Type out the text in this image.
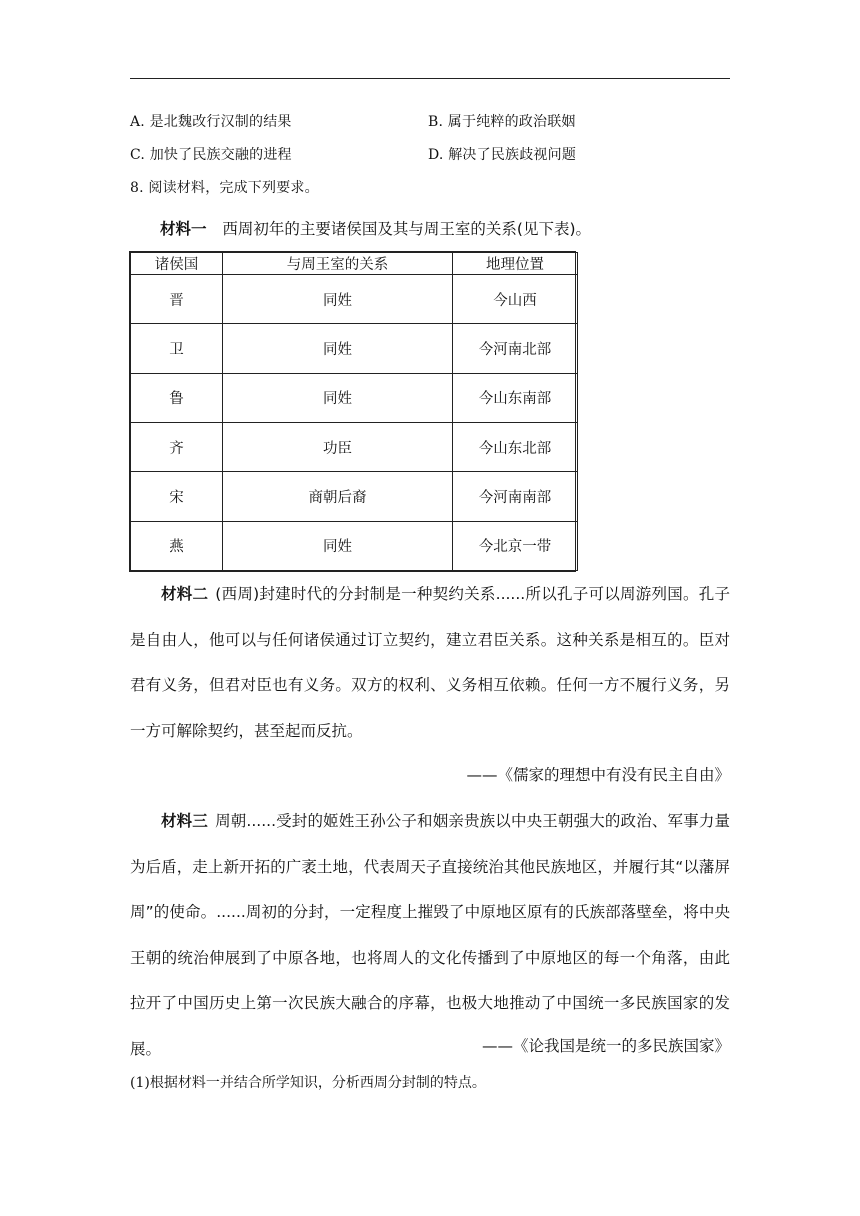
A. 是北魏改行汉制的结果	B. 属于纯粹的政治联姻
C. 加快了民族交融的进程	D. 解决了民族歧视问题
8. 阅读材料，完成下列要求。
材料一 西周初年的主要诸侯国及其与周王室的关系(见下表)。
诸侯国	与周王室的关系	地理位置
晋	同姓	今山西
卫	同姓	今河南北部
鲁	同姓	今山东南部
齐	功臣	今山东北部
宋	商朝后裔	今河南南部
燕	同姓	今北京一带

材料二 (西周)封建时代的分封制是一种契约关系......所以孔子可以周游列国。孔子是自由人，他可以与任何诸侯通过订立契约，建立君臣关系。这种关系是相互的。臣对君有义务，但君对臣也有义务。双方的权利、义务相互依赖。任何一方不履行义务，另一方可解除契约，甚至起而反抗。

——《儒家的理想中有没有民主自由》

材料三 周朝......受封的姬姓王孙公子和姻亲贵族以中央王朝强大的政治、军事力量为后盾，走上新开拓的广袤土地，代表周天子直接统治其他民族地区，并履行其“以藩屏周”的使命。......周初的分封，一定程度上摧毁了中原地区原有的氏族部落壁垒，将中央王朝的统治伸展到了中原各地，也将周人的文化传播到了中原地区的每一个角落，由此拉开了中国历史上第一次民族大融合的序幕，也极大地推动了中国统一多民族国家的发展。	——《论我国是统一的多民族国家》
(1)根据材料一并结合所学知识，分析西周分封制的特点。
